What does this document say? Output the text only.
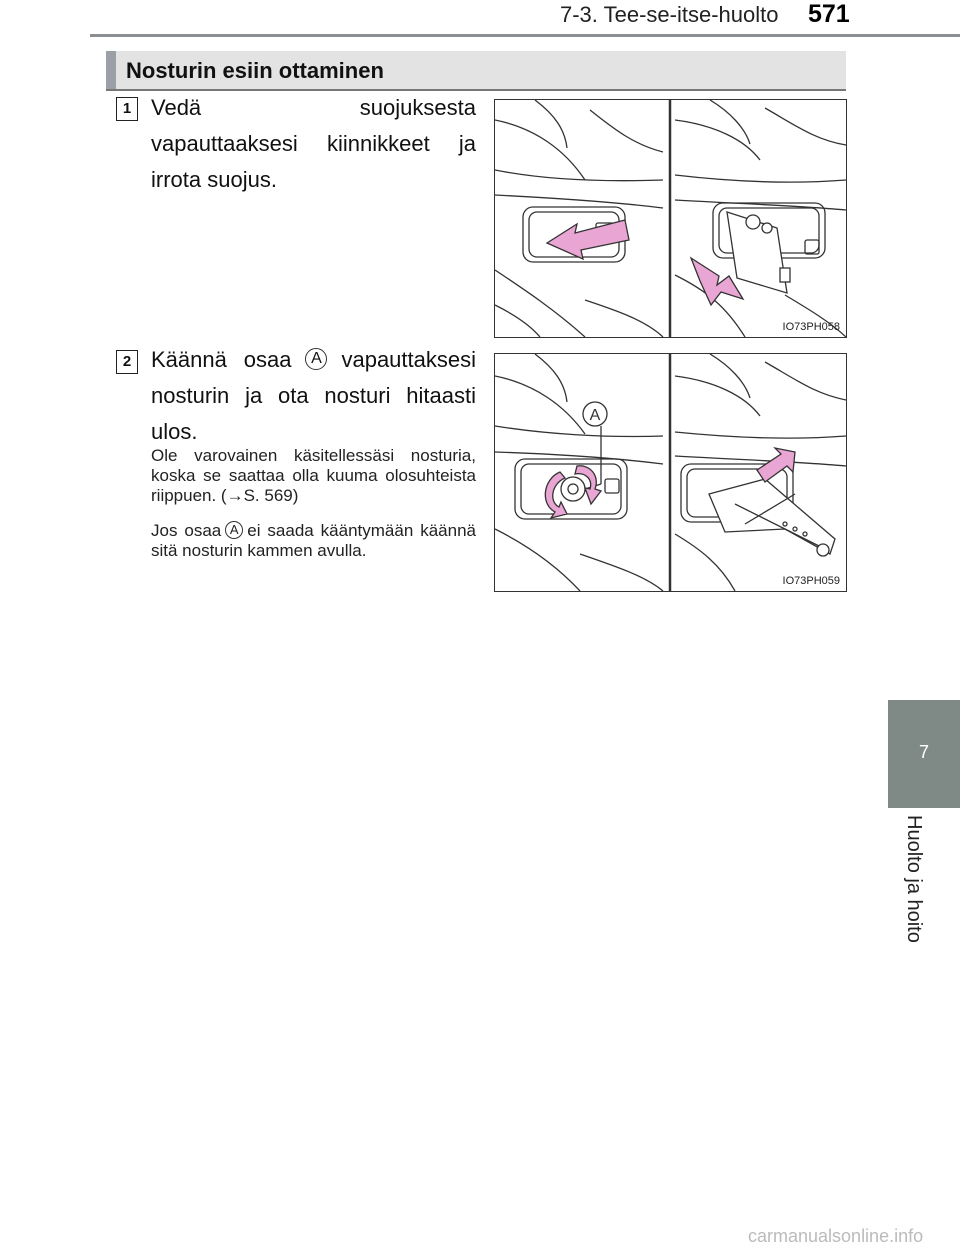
7-3. Tee-se-itse-huolto 571
Nosturin esiin ottaminen
1 Vedä suojuksesta vapauttaaksesi kiinnikkeet ja irrota suojus.
IO73PH058
2 Käännä osaa A vapauttaksesi nosturin ja ota nosturi hitaasti ulos.
Ole varovainen käsitellessäsi nosturia, koska se saattaa olla kuuma olosuhteista riippuen. (→S. 569)
Jos osaa A ei saada kääntymään käännä sitä nosturin kammen avulla.
A
IO73PH059
7
Huolto ja hoito
carmanualsonline.info
